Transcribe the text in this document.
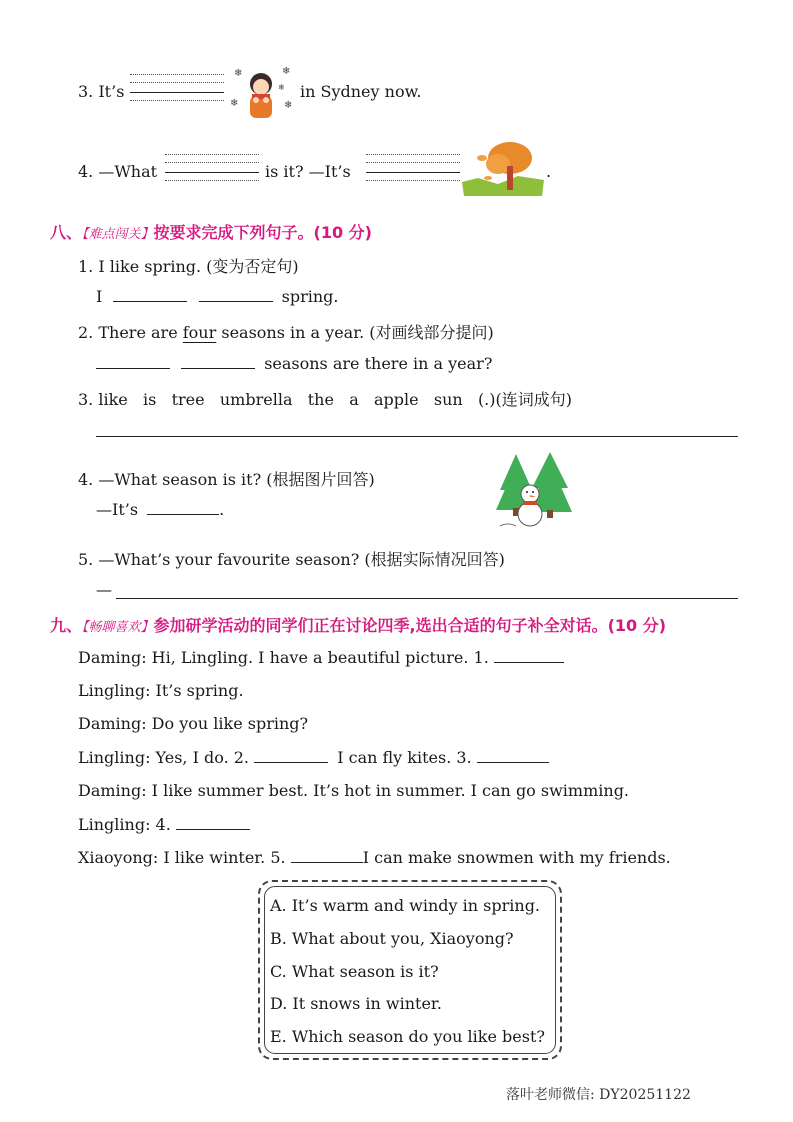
3. It’s
❄	❄
❄	❄
❄ in Sydney now.
4. —What	is it? —It’s	.
八、【难点闯关】按要求完成下列句子。(10 分)
1. I like spring. (变为否定句)
I	spring.
2. There are four seasons in a year. (对画线部分提问)
seasons are there in a year?
3. like   is   tree   umbrella   the   a   apple   sun   (.)(连词成句)
4. —What season is it? (根据图片回答)
—It’s	.
5. —What’s your favourite season? (根据实际情况回答)
—
九、【畅聊喜欢】参加研学活动的同学们正在讨论四季,选出合适的句子补全对话。(10 分)
Daming: Hi, Lingling. I have a beautiful picture. 1.
Lingling: It’s spring.
Daming: Do you like spring?
Lingling: Yes, I do. 2.	I can fly kites. 3.
Daming: I like summer best. It’s hot in summer. I can go swimming.
Lingling: 4.
Xiaoyong: I like winter. 5.	I can make snowmen with my friends.
A. It’s warm and windy in spring.
B. What about you, Xiaoyong?
C. What season is it?
D. It snows in winter.
E. Which season do you like best?
落叶老师微信: DY20251122
